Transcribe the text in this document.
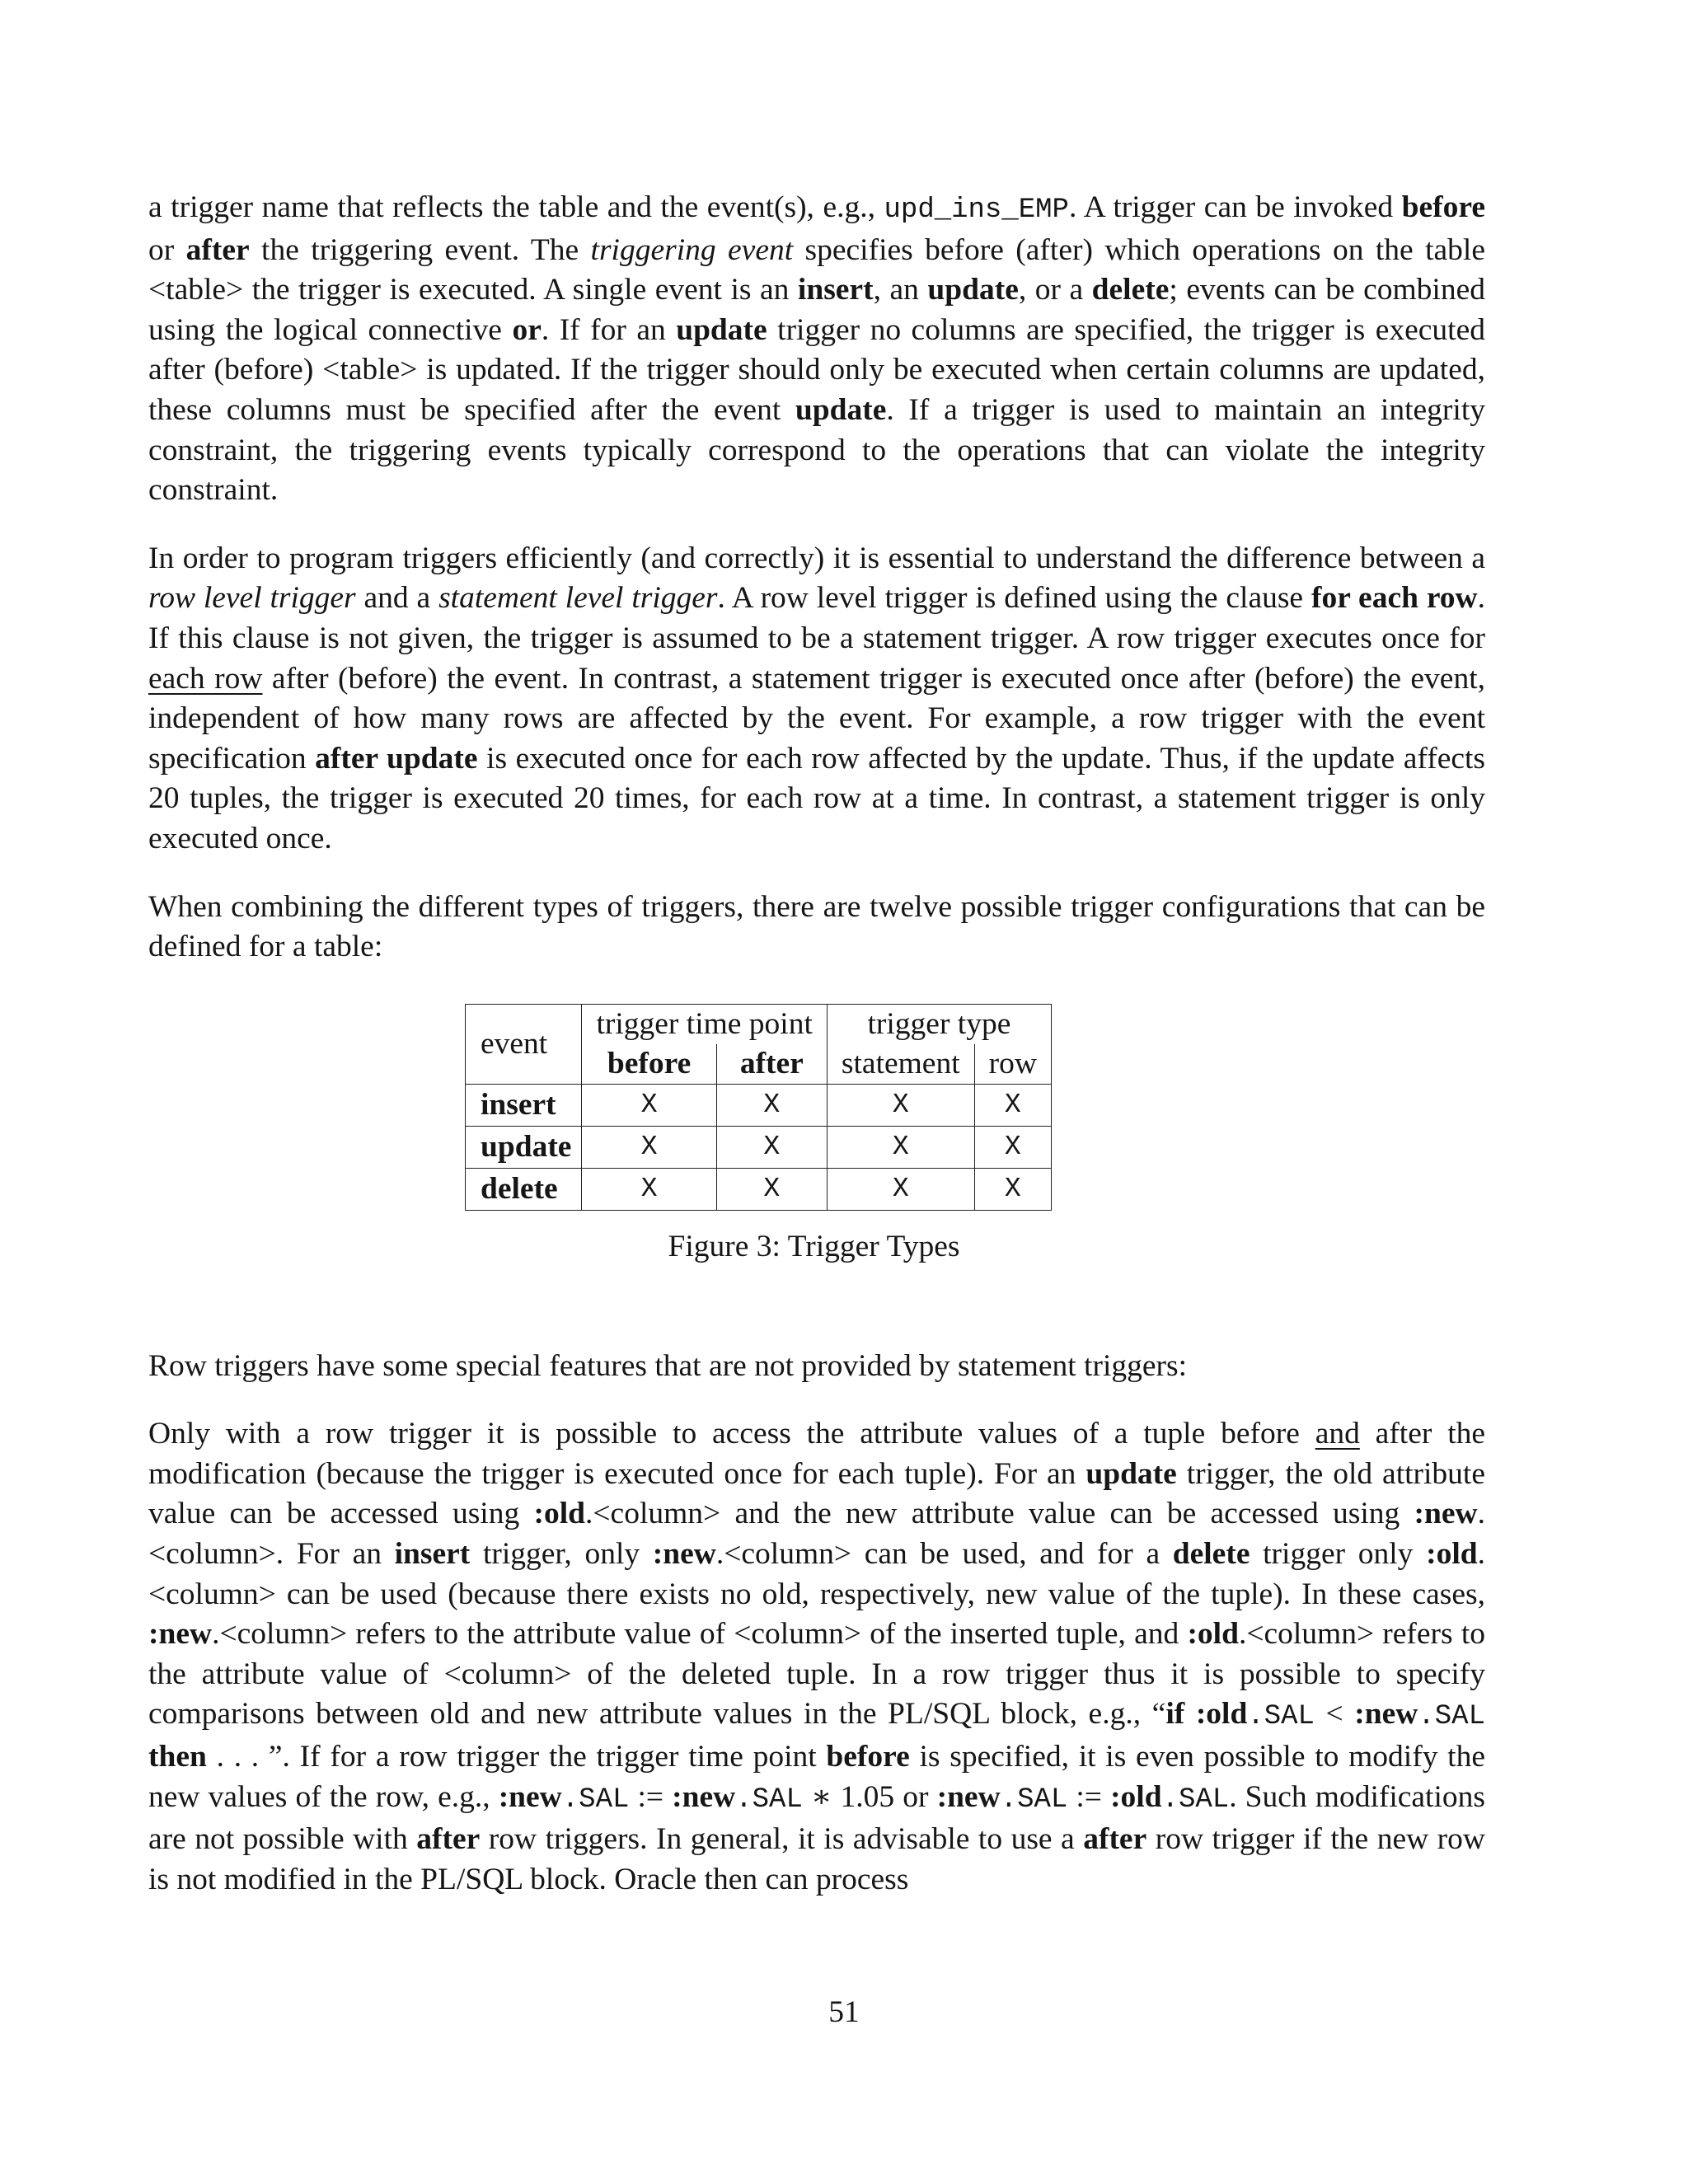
a trigger name that reflects the table and the event(s), e.g., upd_ins_EMP. A trigger can be invoked before or after the triggering event. The triggering event specifies before (after) which operations on the table <table> the trigger is executed. A single event is an insert, an update, or a delete; events can be combined using the logical connective or. If for an update trigger no columns are specified, the trigger is executed after (before) <table> is updated. If the trigger should only be executed when certain columns are updated, these columns must be specified after the event update. If a trigger is used to maintain an integrity constraint, the triggering events typically correspond to the operations that can violate the integrity constraint.

In order to program triggers efficiently (and correctly) it is essential to understand the difference between a row level trigger and a statement level trigger. A row level trigger is defined using the clause for each row. If this clause is not given, the trigger is assumed to be a statement trigger. A row trigger executes once for each row after (before) the event. In contrast, a statement trigger is executed once after (before) the event, independent of how many rows are affected by the event. For example, a row trigger with the event specification after update is executed once for each row affected by the update. Thus, if the update affects 20 tuples, the trigger is executed 20 times, for each row at a time. In contrast, a statement trigger is only executed once.

When combining the different types of triggers, there are twelve possible trigger configurations that can be defined for a table:

event	trigger time point		trigger type	
	before	after	statement	row
insert	X	X	X	X
update	X	X	X	X
delete	X	X	X	X
Figure 3: Trigger Types

Row triggers have some special features that are not provided by statement triggers:

Only with a row trigger it is possible to access the attribute values of a tuple before and after the modification (because the trigger is executed once for each tuple). For an update trigger, the old attribute value can be accessed using :old.<column> and the new attribute value can be accessed using :new.<column>. For an insert trigger, only :new.<column> can be used, and for a delete trigger only :old.<column> can be used (because there exists no old, respectively, new value of the tuple). In these cases, :new.<column> refers to the attribute value of <column> of the inserted tuple, and :old.<column> refers to the attribute value of <column> of the deleted tuple. In a row trigger thus it is possible to specify comparisons between old and new attribute values in the PL/SQL block, e.g., “if :old.SAL < :new.SAL then . . . ”. If for a row trigger the trigger time point before is specified, it is even possible to modify the new values of the row, e.g., :new.SAL := :new.SAL ∗ 1.05 or :new.SAL := :old.SAL. Such modifications are not possible with after row triggers. In general, it is advisable to use a after row trigger if the new row is not modified in the PL/SQL block. Oracle then can process

51
